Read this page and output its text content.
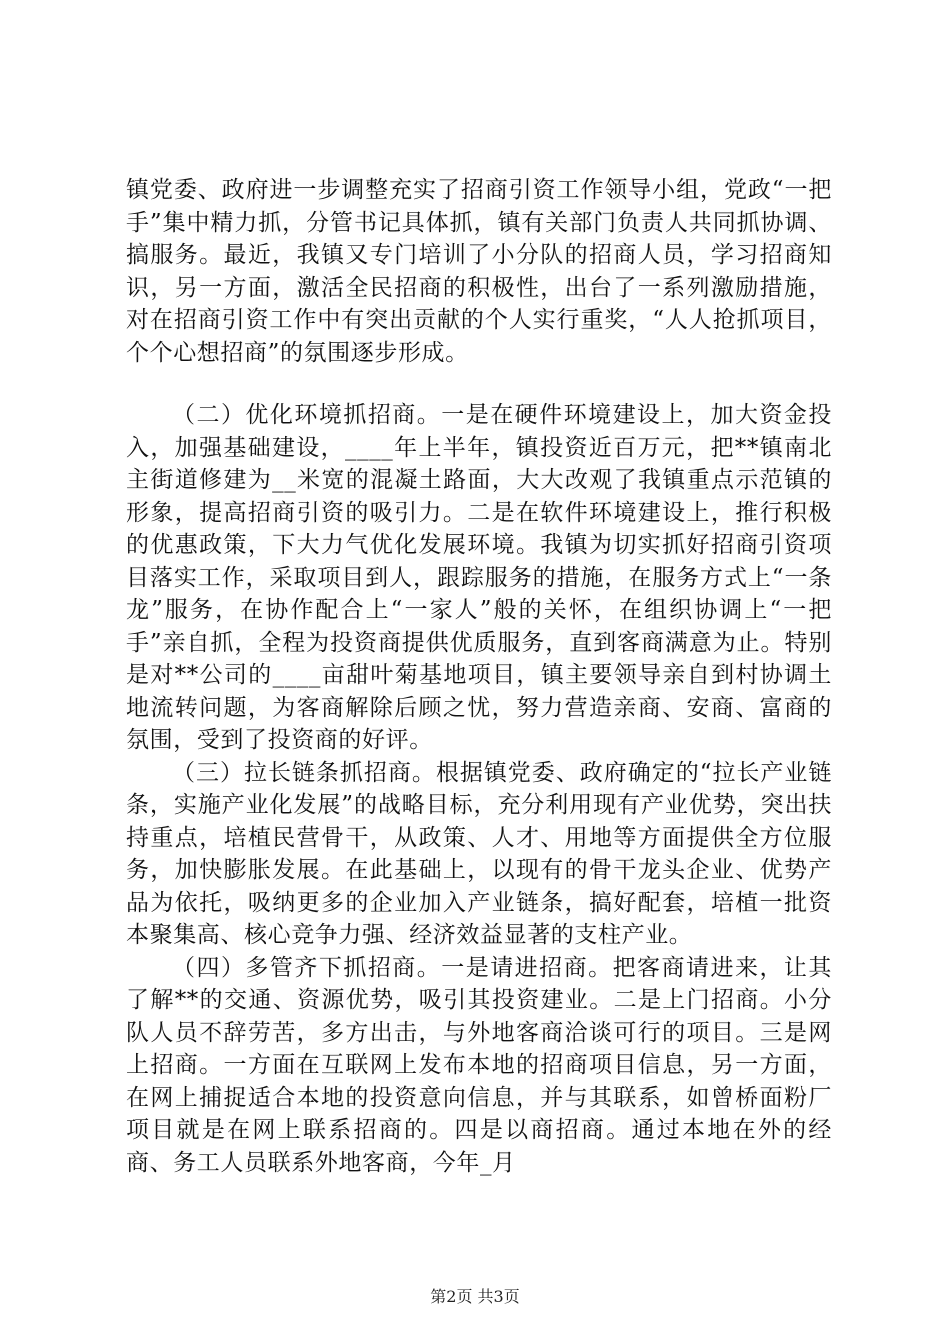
镇党委、政府进一步调整充实了招商引资工作领导小组，党政“一把手”集中精力抓，分管书记具体抓，镇有关部门负责人共同抓协调、搞服务。最近，我镇又专门培训了小分队的招商人员，学习招商知识，另一方面，激活全民招商的积极性，出台了一系列激励措施，对在招商引资工作中有突出贡献的个人实行重奖，“人人抢抓项目，个个心想招商”的氛围逐步形成。

（二）优化环境抓招商。一是在硬件环境建设上，加大资金投入，加强基础建设，____年上半年，镇投资近百万元，把**镇南北主街道修建为__米宽的混凝土路面，大大改观了我镇重点示范镇的形象，提高招商引资的吸引力。二是在软件环境建设上，推行积极的优惠政策，下大力气优化发展环境。我镇为切实抓好招商引资项目落实工作，采取项目到人，跟踪服务的措施，在服务方式上“一条龙”服务，在协作配合上“一家人”般的关怀，在组织协调上“一把手”亲自抓，全程为投资商提供优质服务，直到客商满意为止。特别是对**公司的____亩甜叶菊基地项目，镇主要领导亲自到村协调土地流转问题，为客商解除后顾之忧，努力营造亲商、安商、富商的氛围，受到了投资商的好评。

（三）拉长链条抓招商。根据镇党委、政府确定的“拉长产业链条，实施产业化发展”的战略目标，充分利用现有产业优势，突出扶持重点，培植民营骨干，从政策、人才、用地等方面提供全方位服务，加快膨胀发展。在此基础上，以现有的骨干龙头企业、优势产品为依托，吸纳更多的企业加入产业链条，搞好配套，培植一批资本聚集高、核心竞争力强、经济效益显著的支柱产业。

（四）多管齐下抓招商。一是请进招商。把客商请进来，让其了解**的交通、资源优势，吸引其投资建业。二是上门招商。小分队人员不辞劳苦，多方出击，与外地客商洽谈可行的项目。三是网上招商。一方面在互联网上发布本地的招商项目信息，另一方面，在网上捕捉适合本地的投资意向信息，并与其联系，如曾桥面粉厂项目就是在网上联系招商的。四是以商招商。通过本地在外的经商、务工人员联系外地客商，今年_月

第2页 共3页
